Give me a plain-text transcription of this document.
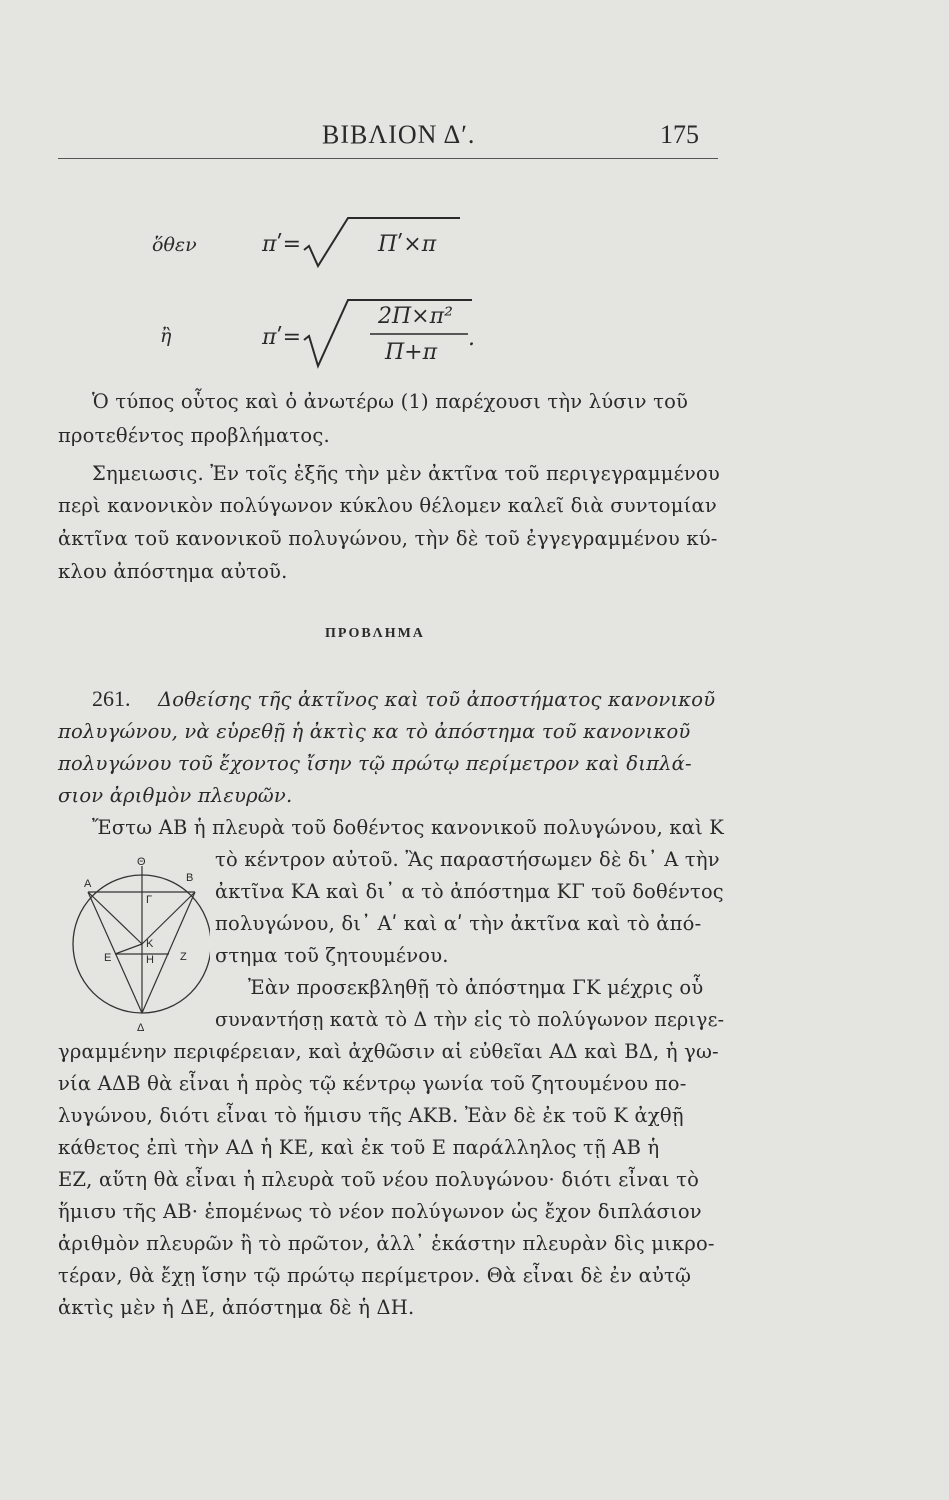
ΒΙΒΛΙΟΝ Δʹ.	175
ὅθεν	πʹ=	Πʹ×π
ἢ	πʹ=
2Π×π²
Π+π
.
Ὁ τύπος οὗτος καὶ ὁ ἀνωτέρω (1) παρέχουσι τὴν λύσιν τοῦ
προτεθέντος προβλήματος.
Σημειωσις. Ἐν τοῖς ἑξῆς τὴν μὲν ἀκτῖνα τοῦ περιγεγραμμένου
περὶ κανονικὸν πολύγωνον κύκλου θέλομεν καλεῖ διὰ συντομίαν
ἀκτῖνα τοῦ κανονικοῦ πολυγώνου, τὴν δὲ τοῦ ἐγγεγραμμένου κύ-
κλου ἀπόστημα αὐτοῦ.
ΠΡΟΒΛΗΜΑ
261. Δοθείσης τῆς ἀκτῖνος καὶ τοῦ ἀποστήματος κανονικοῦ
πολυγώνου, νὰ εὑρεθῇ ἡ ἀκτὶς κα τὸ ἀπόστημα τοῦ κανονικοῦ
πολυγώνου τοῦ ἔχοντος ἴσην τῷ πρώτῳ περίμετρον καὶ διπλά-
σιον ἀριθμὸν πλευρῶν.
Ἔστω ΑΒ ἡ πλευρὰ τοῦ δοθέντος κανονικοῦ πολυγώνου, καὶ Κ
τὸ κέντρον αὐτοῦ. Ἂς παραστήσωμεν δὲ δι᾽ Α τὴν
ἀκτῖνα ΚΑ καὶ δι᾽ α τὸ ἀπόστημα ΚΓ τοῦ δοθέντος
πολυγώνου, δι᾽ Αʹ καὶ αʹ τὴν ἀκτῖνα καὶ τὸ ἀπό-
στημα τοῦ ζητουμένου.
Ἐὰν προσεκβληθῇ τὸ ἀπόστημα ΓΚ μέχρις οὗ
συναντήσῃ κατὰ τὸ Δ τὴν εἰς τὸ πολύγωνον περιγε-
Θ
Α	Β
Γ
Κ
Ε	Η Ζ
Δ
γραμμένην περιφέρειαν, καὶ ἀχθῶσιν αἱ εὐθεῖαι ΑΔ καὶ ΒΔ, ἡ γω-
νία ΑΔΒ θὰ εἶναι ἡ πρὸς τῷ κέντρῳ γωνία τοῦ ζητουμένου πο-
λυγώνου, διότι εἶναι τὸ ἥμισυ τῆς ΑΚΒ. Ἐὰν δὲ ἐκ τοῦ Κ ἀχθῇ
κάθετος ἐπὶ τὴν ΑΔ ἡ ΚΕ, καὶ ἐκ τοῦ Ε παράλληλος τῇ ΑΒ ἡ
ΕΖ, αὕτη θὰ εἶναι ἡ πλευρὰ τοῦ νέου πολυγώνου· διότι εἶναι τὸ
ἥμισυ τῆς ΑΒ· ἑπομένως τὸ νέον πολύγωνον ὡς ἔχον διπλάσιον
ἀριθμὸν πλευρῶν ἢ τὸ πρῶτον, ἀλλ᾽ ἑκάστην πλευρὰν δὶς μικρο-
τέραν, θὰ ἔχῃ ἴσην τῷ πρώτῳ περίμετρον. Θὰ εἶναι δὲ ἐν αὐτῷ
ἀκτὶς μὲν ἡ ΔΕ, ἀπόστημα δὲ ἡ ΔΗ.
